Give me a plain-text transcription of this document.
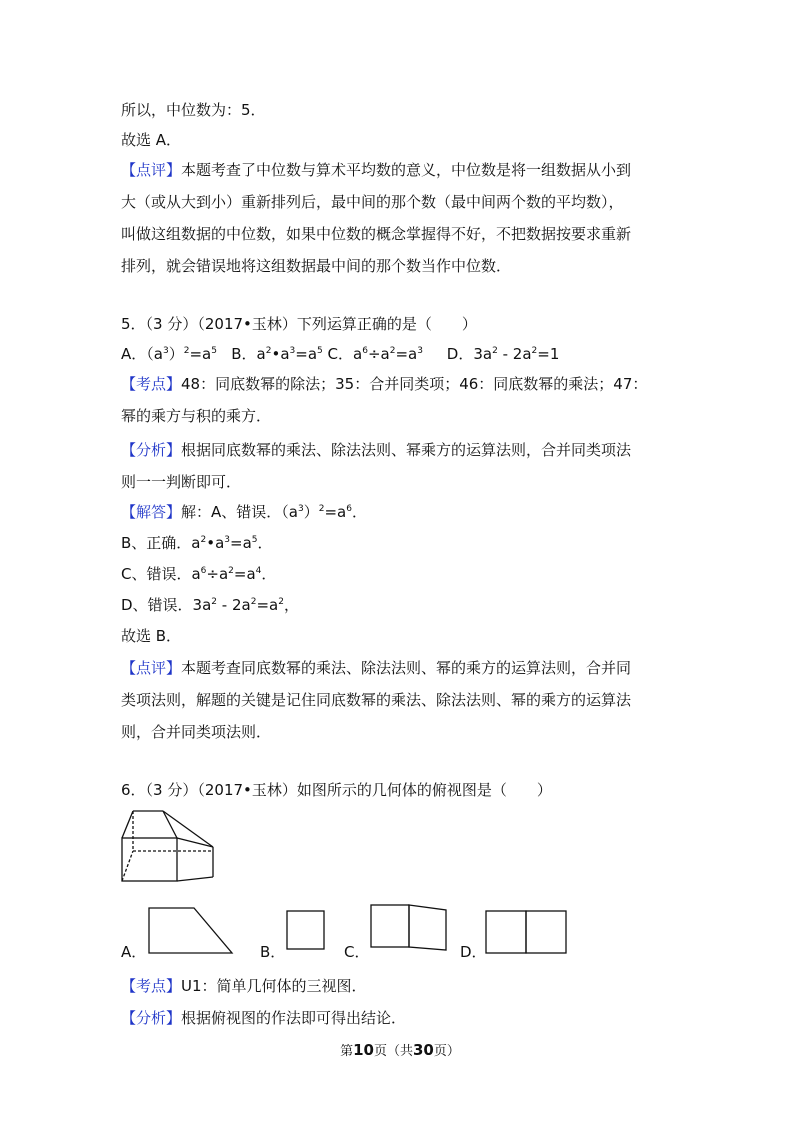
所以，中位数为：5．
故选 A．
【点评】本题考查了中位数与算术平均数的意义，中位数是将一组数据从小到
大（或从大到小）重新排列后，最中间的那个数（最中间两个数的平均数），
叫做这组数据的中位数，如果中位数的概念掌握得不好，不把数据按要求重新
排列，就会错误地将这组数据最中间的那个数当作中位数．
5．（3 分）（2017•玉林）下列运算正确的是（　　）
A．$(a^3)^2=a^5$ B．$a^2•a^3=a^5$ C．$a^6\div a^2=a^3$ D．$3a^2 - 2a^2=1$
【考点】48：同底数幂的除法；35：合并同类项；46：同底数幂的乘法；47：
幂的乘方与积的乘方．
【分析】根据同底数幂的乘法、除法法则、幂乘方的运算法则，合并同类项法
则一一判断即可．
【解答】解：A、错误．$(a^3)^2=a^6$．
B、正确．$a^2•a^3=a^5$．
C、错误．$a^6\div a^2=a^4$．
D、错误．$3a^2 - 2a^2=a^2$，
故选 B．
【点评】本题考查同底数幂的乘法、除法法则、幂的乘方的运算法则，合并同
类项法则，解题的关键是记住同底数幂的乘法、除法法则、幂的乘方的运算法
则，合并同类项法则．
6．（3 分）（2017•玉林）如图所示的几何体的俯视图是（　　）
A．	B．	C．	D．
【考点】U1：简单几何体的三视图．
【分析】根据俯视图的作法即可得出结论．
第10页（共30页）
